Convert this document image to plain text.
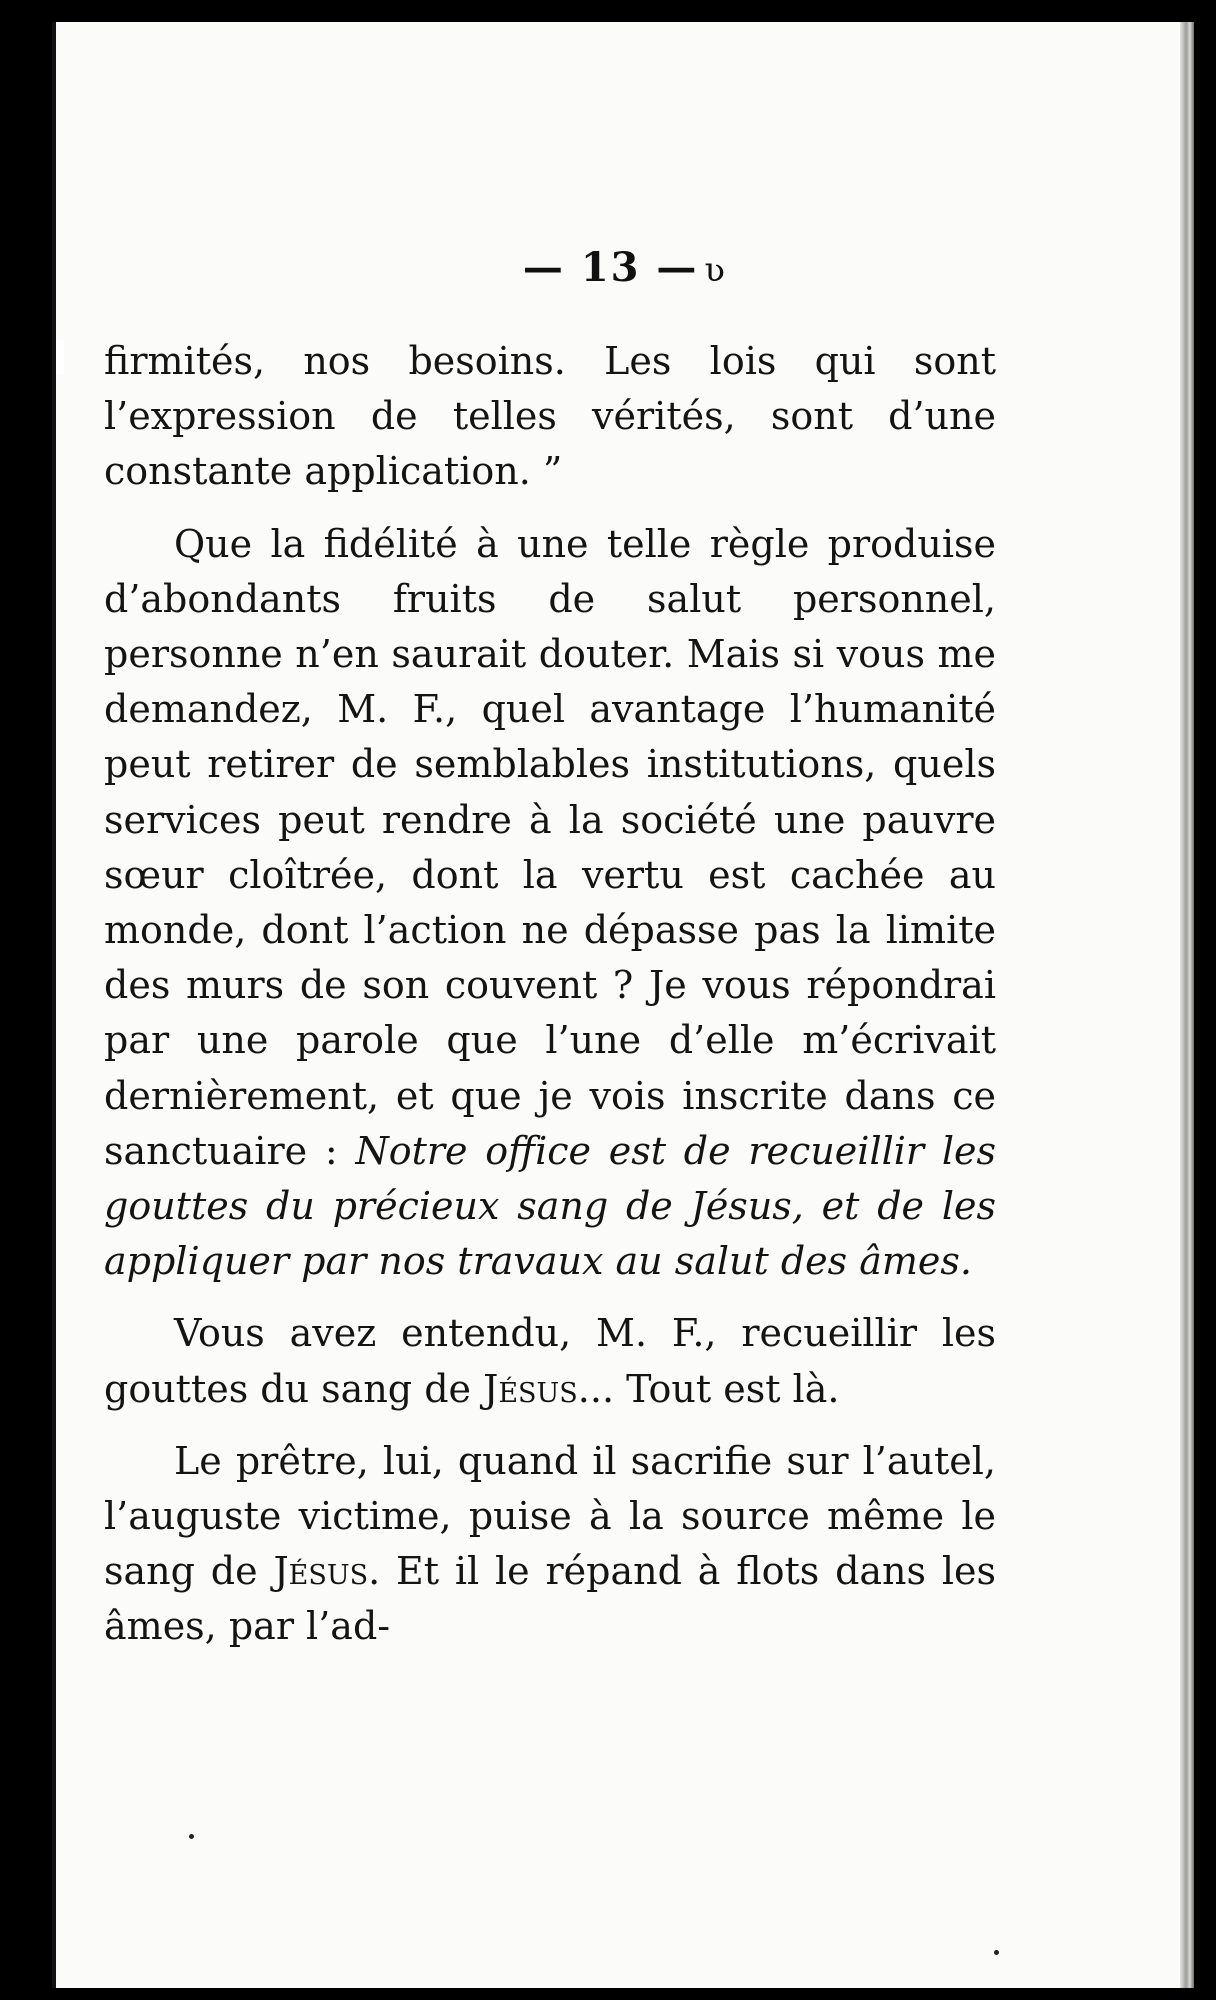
— 13 — ʋ

firmités, nos besoins. Les lois qui sont l’expression de telles vérités, sont d’une constante application. ”

Que la fidélité à une telle règle produise d’abondants fruits de salut personnel, personne n’en saurait douter. Mais si vous me demandez, M. F., quel avantage l’humanité peut retirer de semblables institutions, quels services peut rendre à la société une pauvre sœur cloîtrée, dont la vertu est cachée au monde, dont l’action ne dépasse pas la limite des murs de son couvent ? Je vous répondrai par une parole que l’une d’elle m’écrivait dernièrement, et que je vois inscrite dans ce sanctuaire : Notre office est de recueillir les gouttes du précieux sang de Jésus, et de les appliquer par nos travaux au salut des âmes.

Vous avez entendu, M. F., recueillir les gouttes du sang de Jésus... Tout est là.

Le prêtre, lui, quand il sacrifie sur l’autel, l’auguste victime, puise à la source même le sang de Jésus. Et il le répand à flots dans les âmes, par l’ad-
